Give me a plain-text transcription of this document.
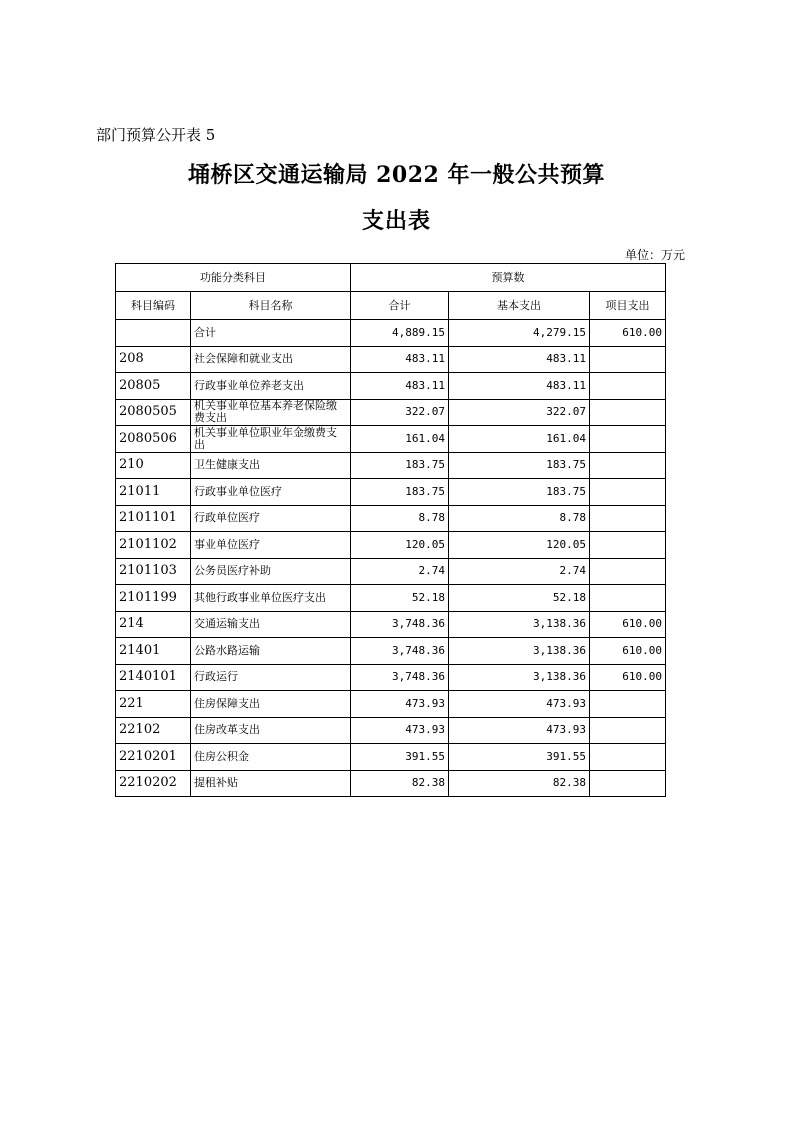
部门预算公开表 5
埇桥区交通运输局 2022 年一般公共预算
支出表
单位：万元
功能分类科目		预算数		
科目编码	科目名称	合计	基本支出	项目支出
	合计	4,889.15	4,279.15	610.00
208	社会保障和就业支出	483.11	483.11	
20805	行政事业单位养老支出	483.11	483.11	
2080505	机关事业单位基本养老保险缴费支出	322.07	322.07	
2080506	机关事业单位职业年金缴费支出	161.04	161.04	
210	卫生健康支出	183.75	183.75	
21011	行政事业单位医疗	183.75	183.75	
2101101	行政单位医疗	8.78	8.78	
2101102	事业单位医疗	120.05	120.05	
2101103	公务员医疗补助	2.74	2.74	
2101199	其他行政事业单位医疗支出	52.18	52.18	
214	交通运输支出	3,748.36	3,138.36	610.00
21401	公路水路运输	3,748.36	3,138.36	610.00
2140101	行政运行	3,748.36	3,138.36	610.00
221	住房保障支出	473.93	473.93	
22102	住房改革支出	473.93	473.93	
2210201	住房公积金	391.55	391.55	
2210202	提租补贴	82.38	82.38	
